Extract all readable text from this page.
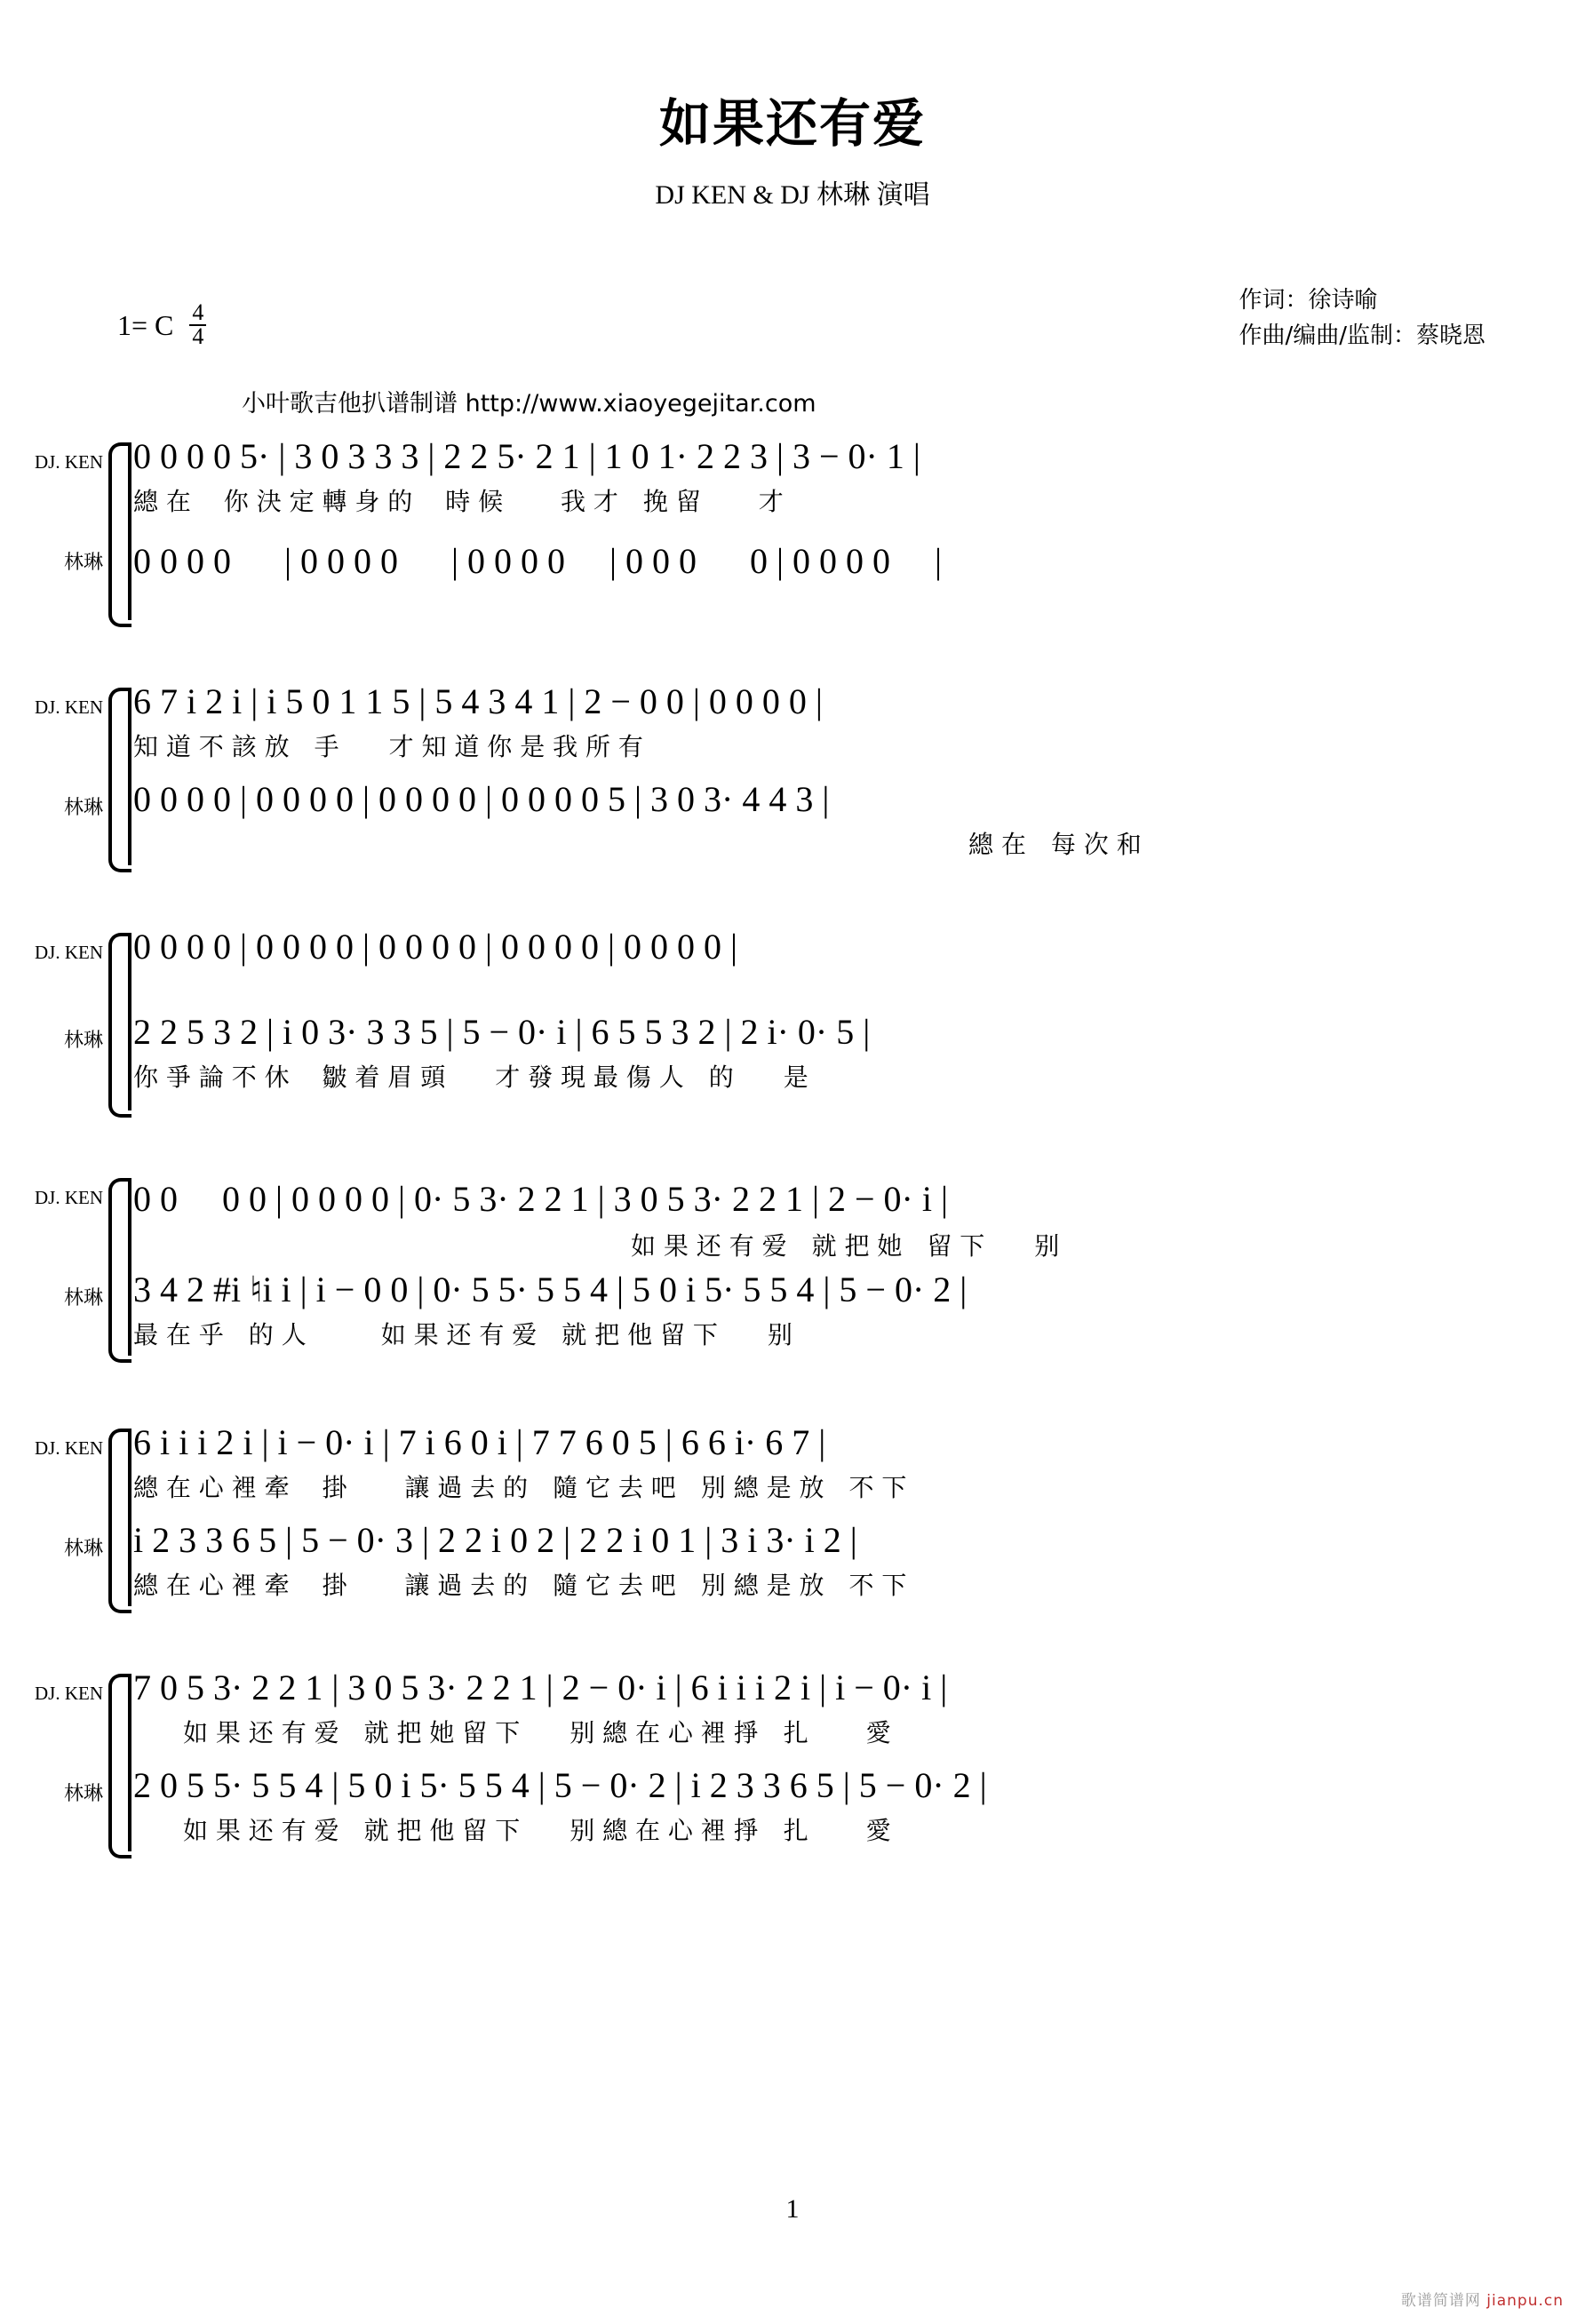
如果还有爱
DJ KEN & DJ 林琳 演唱
作词：徐诗喻
作曲/编曲/监制：蔡晓恩
1= C $\frac{4}{4}$
小叶歌吉他扒谱制谱 http://www.xiaoyegejitar.com
DJ. KEN
林琳
0 0 0 0 5· | 3 0 3 3 3 | 2 2 5· 2 1 | 1 0 1· 2 2 3 | 3 − 0· 1 |
總 在　 你 決 定 轉 身 的　 時 候　　 我 才　挽 留　　 才
0 0 0 0 　 | 0 0 0 0 　 | 0 0 0 0 　| 0 0 0 　 0 | 0 0 0 0 　|
DJ. KEN
林琳
6 7 i 2 i | i 5 0 1 1 5 | 5 4 3 4 1 | 2 − 0 0 | 0 0 0 0 |
知 道 不 該 放　手　　才 知 道 你 是 我 所 有
0 0 0 0 | 0 0 0 0 | 0 0 0 0 | 0 0 0 0 5 | 3 0 3· 4 4 3 |
總 在　每 次 和
DJ. KEN
林琳
0 0 0 0 | 0 0 0 0 | 0 0 0 0 | 0 0 0 0 | 0 0 0 0 |
2 2 5 3 2 | i 0 3· 3 3 5 | 5 − 0· i | 6 5 5 3 2 | 2 i· 0· 5 |
你 爭 論 不 休　 皺 着 眉 頭　　才 發 現 最 傷 人　的　　是
DJ. KEN
林琳
0 0 　0 0 | 0 0 0 0 | 0· 5 3· 2 2 1 | 3 0 5 3· 2 2 1 | 2 − 0· i |
如 果 还 有 爱　就 把 她　留 下　　别
3 4 2 #i ♮i i | i − 0 0 | 0· 5 5· 5 5 4 | 5 0 i 5· 5 5 4 | 5 − 0· 2 |
最 在 乎　的 人　　　如 果 还 有 爱　就 把 他 留 下　　别
DJ. KEN
林琳
6 i i i 2 i | i − 0· i | 7 i 6 0 i | 7 7 6 0 5 | 6 6 i· 6 7 |
總 在 心 裡 牽　 掛　　 讓 過 去 的　隨 它 去 吧　別 總 是 放　不 下
i 2 3 3 6 5 | 5 − 0· 3 | 2 2 i 0 2 | 2 2 i 0 1 | 3 i 3· i 2 |
總 在 心 裡 牽　 掛　　 讓 過 去 的　隨 它 去 吧　別 總 是 放　不 下
DJ. KEN
林琳
7 0 5 3· 2 2 1 | 3 0 5 3· 2 2 1 | 2 − 0· i | 6 i i i 2 i | i − 0· i |
如 果 还 有 爱　就 把 她 留 下　　别 總 在 心 裡 掙　扎　　 愛
2 0 5 5· 5 5 4 | 5 0 i 5· 5 5 4 | 5 − 0· 2 | i 2 3 3 6 5 | 5 − 0· 2 |
如 果 还 有 爱　就 把 他 留 下　　别 總 在 心 裡 掙　扎　　 愛
1
歌谱简谱网 jianpu.cn
